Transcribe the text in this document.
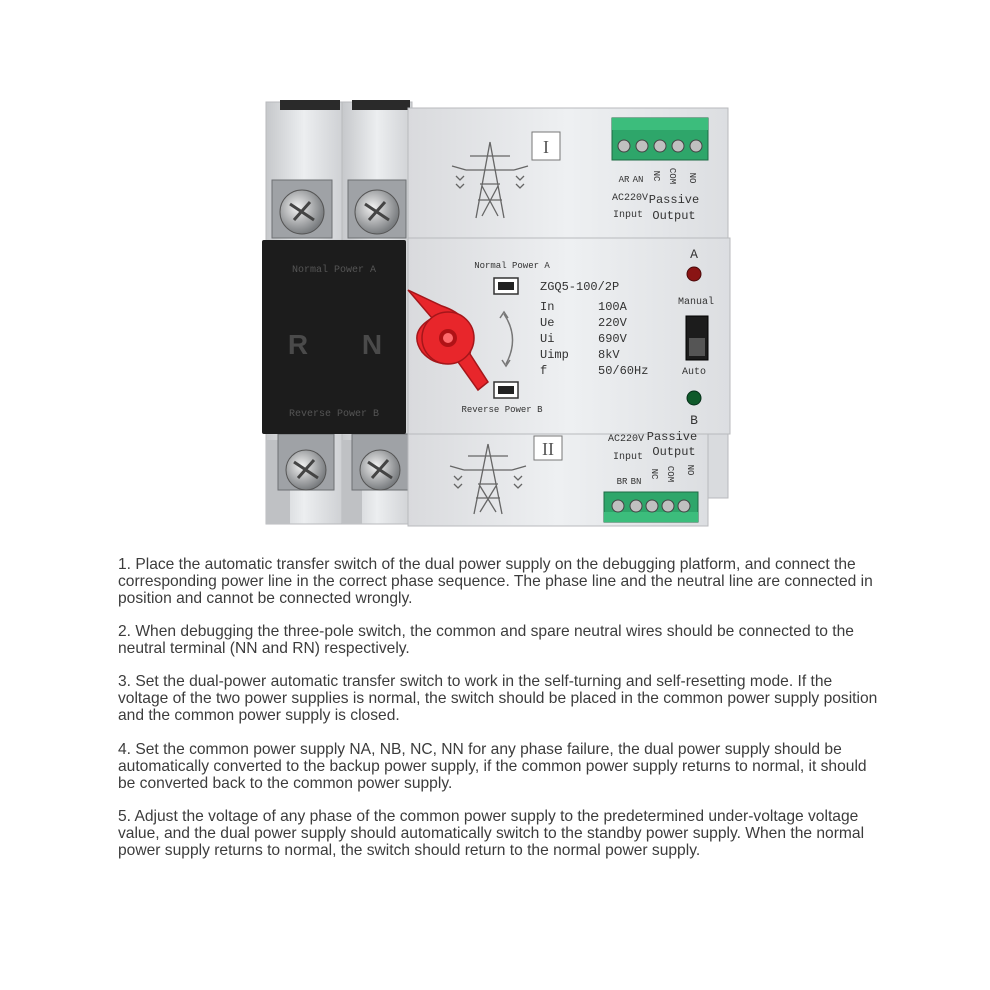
I
II
AR AN NC COM NO
AC220V
Input
Passive
Output
AC220V
Input
Passive
Output
BR BN
NC COM NO
Normal Power A
R N
Reverse Power B
Normal Power A
Reverse Power B
ZGQ5-100/2P
In	100A
Ue	220V
Ui	690V
Uimp 8kV
f	50/60Hz
A
Manual
Auto
B

1. Place the automatic transfer switch of the dual power supply on the debugging platform, and connect the corresponding power line in the correct phase sequence. The phase line and the neutral line are connected in position and cannot be connected wrongly.

2. When debugging the three-pole switch, the common and spare neutral wires should be connected to the neutral terminal (NN and RN) respectively.

3. Set the dual-power automatic transfer switch to work in the self-turning and self-resetting mode. If the voltage of the two power supplies is normal, the switch should be placed in the common power supply position and the common power supply is closed.

4. Set the common power supply NA, NB, NC, NN for any phase failure, the dual power supply should be automatically converted to the backup power supply, if the common power supply returns to normal, it should be converted back to the common power supply.

5. Adjust the voltage of any phase of the common power supply to the predetermined under-voltage voltage value, and the dual power supply should automatically switch to the standby power supply. When the normal power supply returns to normal, the switch should return to the normal power supply.
